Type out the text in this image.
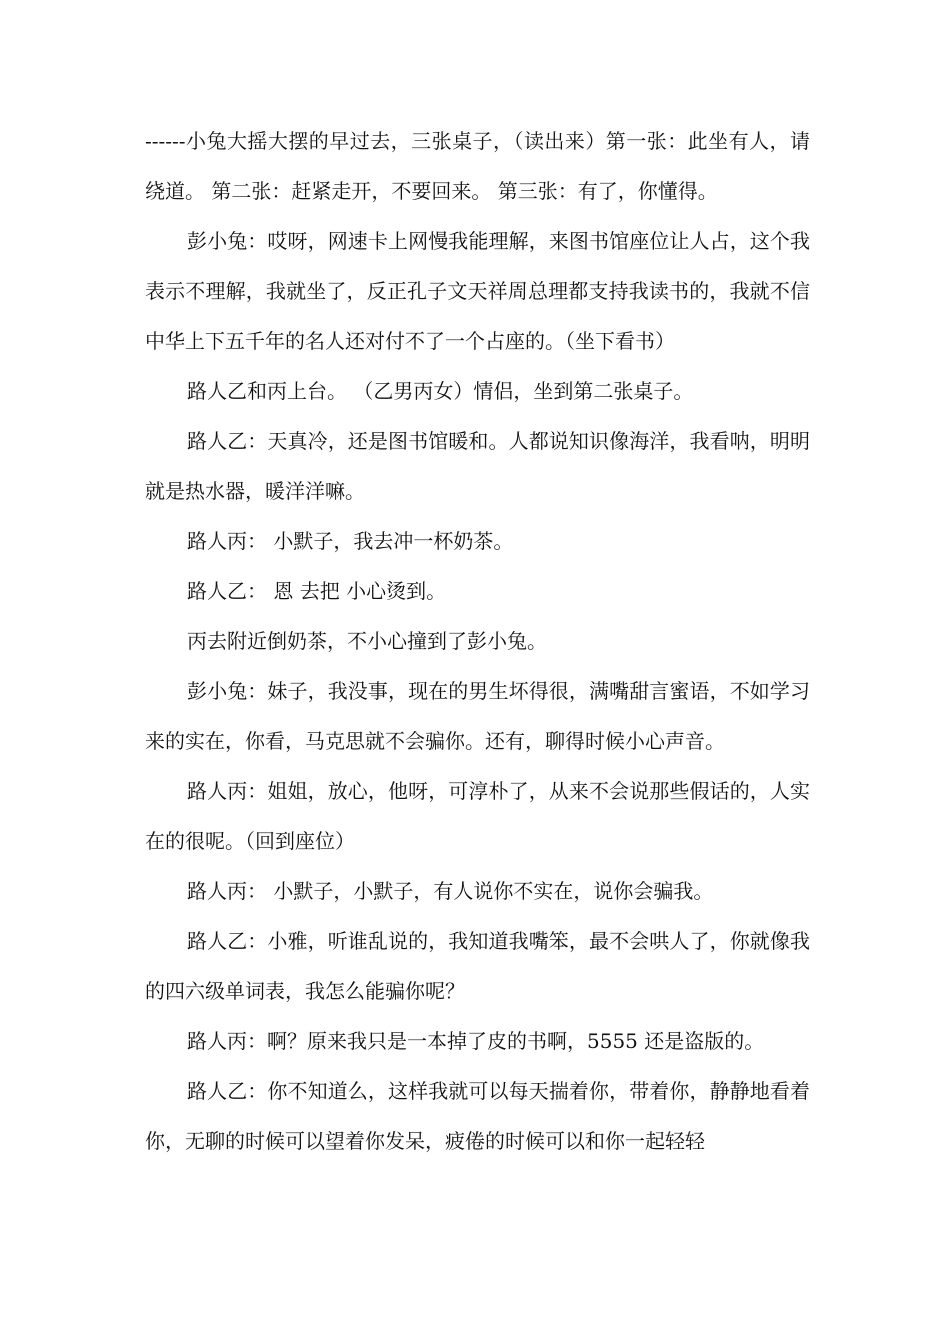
------小兔大摇大摆的早过去，三张桌子，（读出来）第一张：此坐有人，请绕道。 第二张：赶紧走开，不要回来。 第三张：有了，你懂得。

彭小兔：哎呀，网速卡上网慢我能理解，来图书馆座位让人占，这个我表示不理解，我就坐了，反正孔子文天祥周总理都支持我读书的，我就不信 中华上下五千年的名人还对付不了一个占座的。（坐下看书）

路人乙和丙上台。 （乙男丙女）情侣，坐到第二张桌子。

路人乙：天真冷，还是图书馆暖和。人都说知识像海洋，我看呐，明明就是热水器，暖洋洋嘛。

路人丙： 小默子，我去冲一杯奶茶。

路人乙： 恩 去把 小心烫到。

丙去附近倒奶茶，不小心撞到了彭小兔。

彭小兔：妹子，我没事，现在的男生坏得很，满嘴甜言蜜语，不如学习来的实在，你看，马克思就不会骗你。还有，聊得时候小心声音。

路人丙：姐姐，放心，他呀，可淳朴了，从来不会说那些假话的，人实在的很呢。（回到座位）

路人丙： 小默子，小默子，有人说你不实在，说你会骗我。

路人乙：小雅，听谁乱说的，我知道我嘴笨，最不会哄人了，你就像我的四六级单词表，我怎么能骗你呢？

路人丙：啊？原来我只是一本掉了皮的书啊，5555 还是盗版的。

路人乙：你不知道么，这样我就可以每天揣着你，带着你，静静地看着你，无聊的时候可以望着你发呆，疲倦的时候可以和你一起轻轻
